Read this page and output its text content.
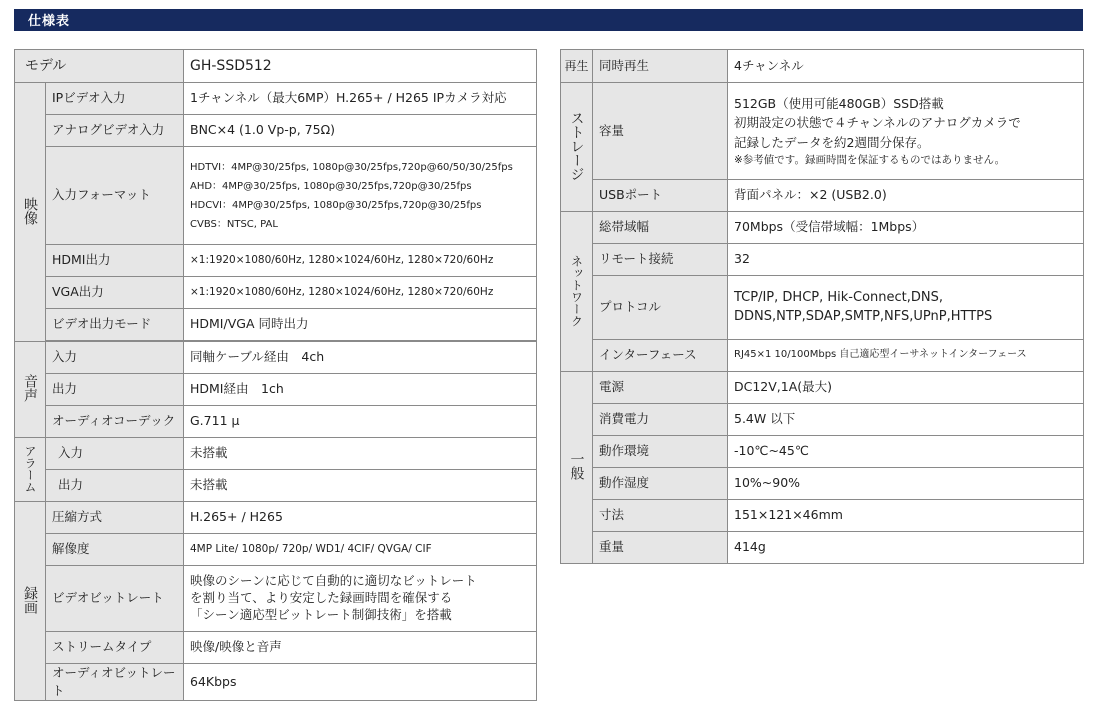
仕様表
モデル		GH-SSD512
映像	IPビデオ入力	1チャンネル（最大6MP）H.265+ / H265 IPカメラ対応
	アナログビデオ入力	BNC×4 (1.0 Vp-p, 75Ω)
	入力フォーマット	HDTVI：4MP@30/25fps, 1080p@30/25fps,720p@60/50/30/25fps
AHD：4MP@30/25fps, 1080p@30/25fps,720p@30/25fps
HDCVI：4MP@30/25fps, 1080p@30/25fps,720p@30/25fps
CVBS：NTSC, PAL

	HDMI出力	×1:1920×1080/60Hz, 1280×1024/60Hz, 1280×720/60Hz
	VGA出力	×1:1920×1080/60Hz, 1280×1024/60Hz, 1280×720/60Hz
	ビデオ出力モード	HDMI/VGA 同時出力

音声	入力	同軸ケーブル経由　4ch
	出力	HDMI経由　1ch
	オーディオコーデック	G.711 μ
アラーム	入力	未搭載
	出力	未搭載
録画	圧縮方式	H.265+ / H265
	解像度	4MP Lite/ 1080p/ 720p/ WD1/ 4CIF/ QVGA/ CIF
	ビデオビットレート	映像のシーンに応じて自動的に適切なビットレート
を割り当て、より安定した録画時間を確保する
「シーン適応型ビットレート制御技術」を搭載

	ストリームタイプ	映像/映像と音声
	オーディオビットレート	64Kbps
再生	同時再生	4チャンネル
ストレージ	容量	512GB（使用可能480GB）SSD搭載
初期設定の状態で４チャンネルのアナログカメラで
記録したデータを約2週間分保存。
※参考値です。録画時間を保証するものではありません。

	USBポート	背面パネル：×2 (USB2.0)
ネットワーク	総帯域幅	70Mbps（受信帯域幅：1Mbps）
	リモート接続	32
	プロトコル	TCP/IP, DHCP, Hik-Connect,DNS,
DDNS,NTP,SDAP,SMTP,NFS,UPnP,HTTPS

	インターフェース	RJ45×1 10/100Mbps 自己適応型イーサネットインターフェース
一般	電源	DC12V,1A(最大)
	消費電力	5.4W 以下
	動作環境	-10℃~45℃
	動作湿度	10%~90%
	寸法	151×121×46mm
	重量	414g
